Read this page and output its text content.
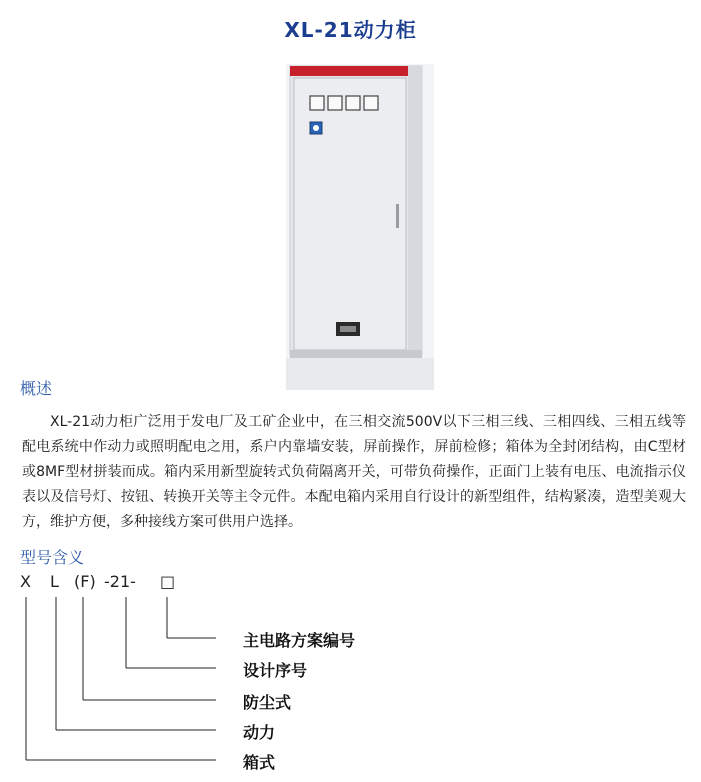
XL-21动力柜
概述

XL-21动力柜广泛用于发电厂及工矿企业中，在三相交流500V以下三相三线、三相四线、三相五线等配电系统中作动力或照明配电之用，系户内靠墙安装，屏前操作，屏前检修；箱体为全封闭结构，由C型材或8MF型材拼装而成。箱内采用新型旋转式负荷隔离开关，可带负荷操作，正面门上装有电压、电流指示仪表以及信号灯、按钮、转换开关等主令元件。本配电箱内采用自行设计的新型组件，结构紧凑，造型美观大方，维护方便，多种接线方案可供用户选择。

型号含义
X L (F) -21- □
主电路方案编号
设计序号
防尘式
动力
箱式
